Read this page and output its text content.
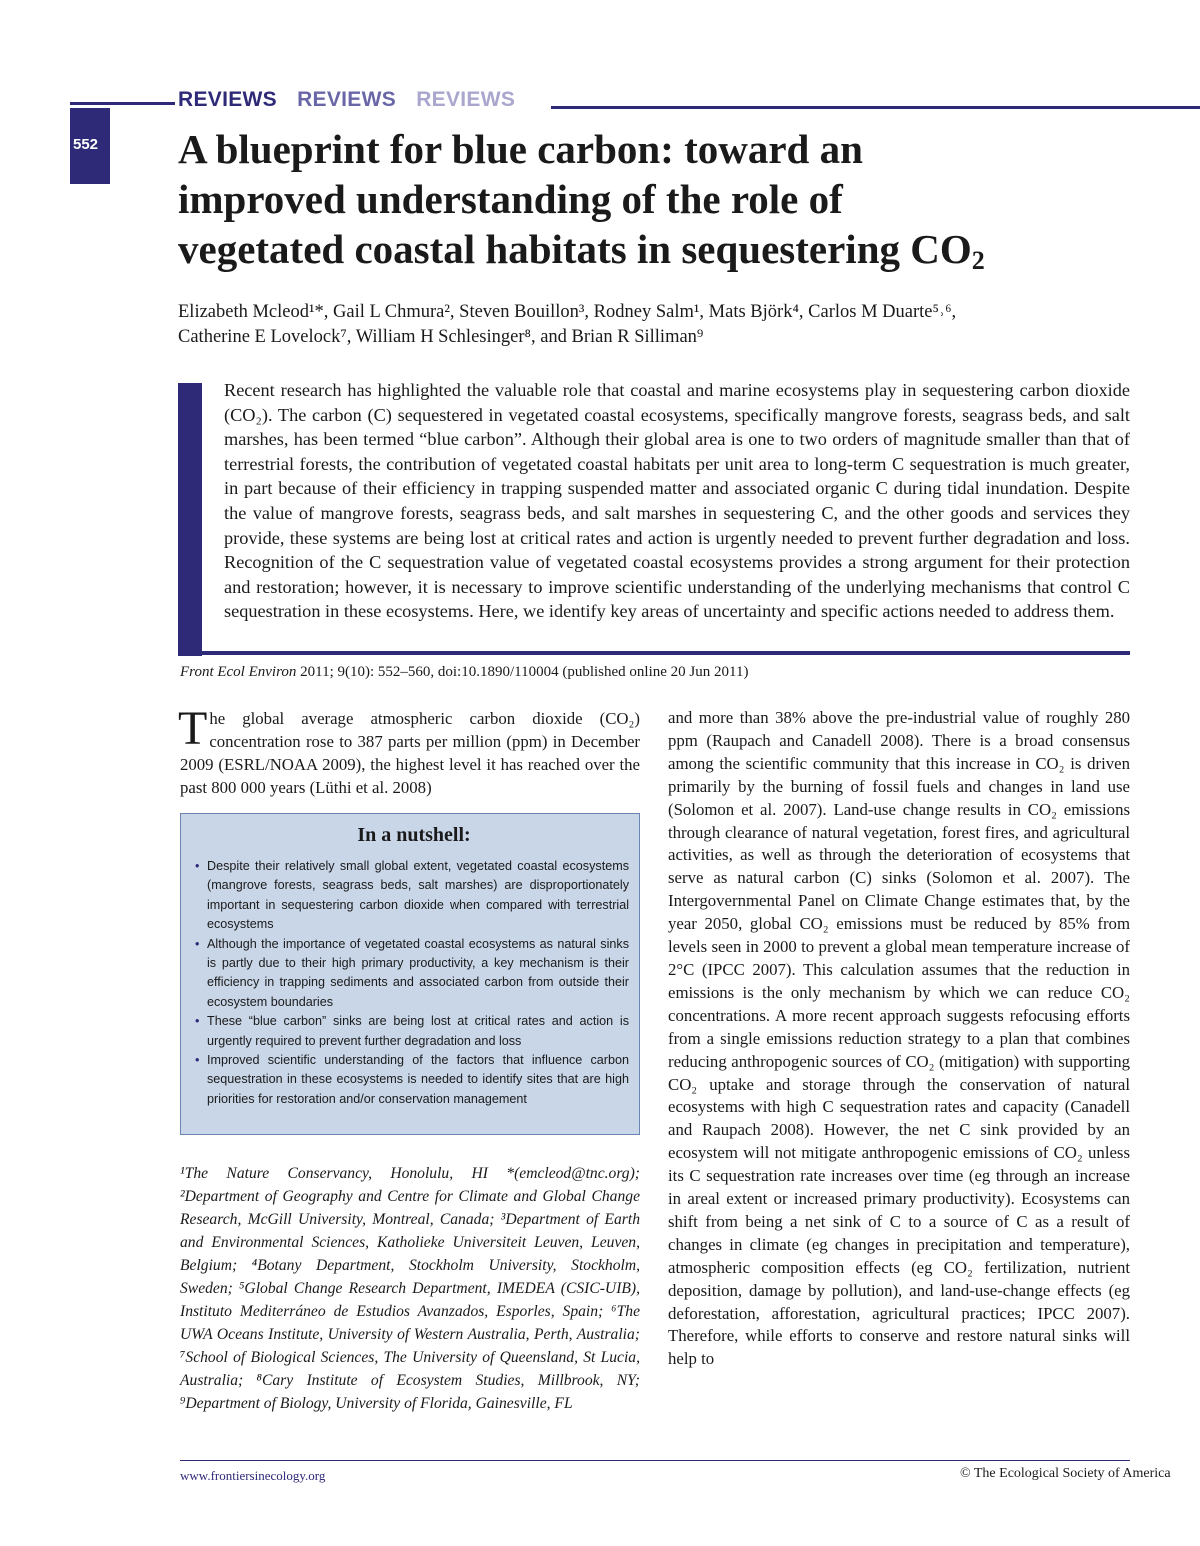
REVIEWS REVIEWS REVIEWS
552 A blueprint for blue carbon: toward an
improved understanding of the role of
vegetated coastal habitats in sequestering $CO_2$
Elizabeth Mcleod¹*, Gail L Chmura², Steven Bouillon³, Rodney Salm¹, Mats Björk⁴, Carlos M Duarte⁵˒⁶,
Catherine E Lovelock⁷, William H Schlesinger⁸, and Brian R Silliman⁹

Recent research has highlighted the valuable role that coastal and marine ecosystems play in sequestering carbon dioxide (CO₂). The carbon (C) sequestered in vegetated coastal ecosystems, specifically mangrove forests, seagrass beds, and salt marshes, has been termed “blue carbon”. Although their global area is one to two orders of magnitude smaller than that of terrestrial forests, the contribution of vegetated coastal habitats per unit area to long-term C sequestration is much greater, in part because of their efficiency in trapping suspended matter and associated organic C during tidal inundation. Despite the value of mangrove forests, seagrass beds, and salt marshes in sequestering C, and the other goods and services they provide, these systems are being lost at critical rates and action is urgently needed to prevent further degradation and loss. Recognition of the C sequestration value of vegetated coastal ecosystems provides a strong argument for their protection and restoration; however, it is necessary to improve scientific understanding of the underlying mechanisms that control C sequestration in these ecosystems. Here, we identify key areas of uncertainty and specific actions needed to address them.

Front Ecol Environ 2011; 9(10): 552–560, doi:10.1890/110004 (published online 20 Jun 2011)
The global average atmospheric carbon dioxide (CO₂) concentration rose to 387 parts per million (ppm) in December 2009 (ESRL/NOAA 2009), the highest level it has reached over the past 800 000 years (Lüthi et al. 2008)
In a nutshell:
• Despite their relatively small global extent, vegetated coastal ecosystems (mangrove forests, seagrass beds, salt marshes) are disproportionately important in sequestering carbon dioxide when compared with terrestrial ecosystems
• Although the importance of vegetated coastal ecosystems as natural sinks is partly due to their high primary productivity, a key mechanism is their efficiency in trapping sediments and associated carbon from outside their ecosystem boundaries
• These “blue carbon” sinks are being lost at critical rates and action is urgently required to prevent further degradation and loss
• Improved scientific understanding of the factors that influence carbon sequestration in these ecosystems is needed to identify sites that are high priorities for restoration and/or conservation management

¹The Nature Conservancy, Honolulu, HI *(emcleod@tnc.org); ²Department of Geography and Centre for Climate and Global Change Research, McGill University, Montreal, Canada; ³Department of Earth and Environmental Sciences, Katholieke Universiteit Leuven, Leuven, Belgium; ⁴Botany Department, Stockholm University, Stockholm, Sweden; ⁵Global Change Research Department, IMEDEA (CSIC-UIB), Instituto Mediterráneo de Estudios Avanzados, Esporles, Spain; ⁶The UWA Oceans Institute, University of Western Australia, Perth, Australia; ⁷School of Biological Sciences, The University of Queensland, St Lucia, Australia; ⁸Cary Institute of Ecosystem Studies, Millbrook, NY; ⁹Department of Biology, University of Florida, Gainesville, FL

and more than 38% above the pre-industrial value of roughly 280 ppm (Raupach and Canadell 2008). There is a broad consensus among the scientific community that this increase in CO₂ is driven primarily by the burning of fossil fuels and changes in land use (Solomon et al. 2007). Land-use change results in CO₂ emissions through clearance of natural vegetation, forest fires, and agricultural activities, as well as through the deterioration of ecosystems that serve as natural carbon (C) sinks (Solomon et al. 2007). The Intergovernmental Panel on Climate Change estimates that, by the year 2050, global CO₂ emissions must be reduced by 85% from levels seen in 2000 to prevent a global mean temperature increase of 2°C (IPCC 2007). This calculation assumes that the reduction in emissions is the only mechanism by which we can reduce CO₂ concentrations. A more recent approach suggests refocusing efforts from a single emissions reduction strategy to a plan that combines reducing anthropogenic sources of CO₂ (mitigation) with supporting CO₂ uptake and storage through the conservation of natural ecosystems with high C sequestration rates and capacity (Canadell and Raupach 2008). However, the net C sink provided by an ecosystem will not mitigate anthropogenic emissions of CO₂ unless its C sequestration rate increases over time (eg through an increase in areal extent or increased primary productivity). Ecosystems can shift from being a net sink of C to a source of C as a result of changes in climate (eg changes in precipitation and temperature), atmospheric composition effects (eg CO₂ fertilization, nutrient deposition, damage by pollution), and land-use-change effects (eg deforestation, afforestation, agricultural practices; IPCC 2007). Therefore, while efforts to conserve and restore natural sinks will help to

www.frontiersinecology.org	© The Ecological Society of America
